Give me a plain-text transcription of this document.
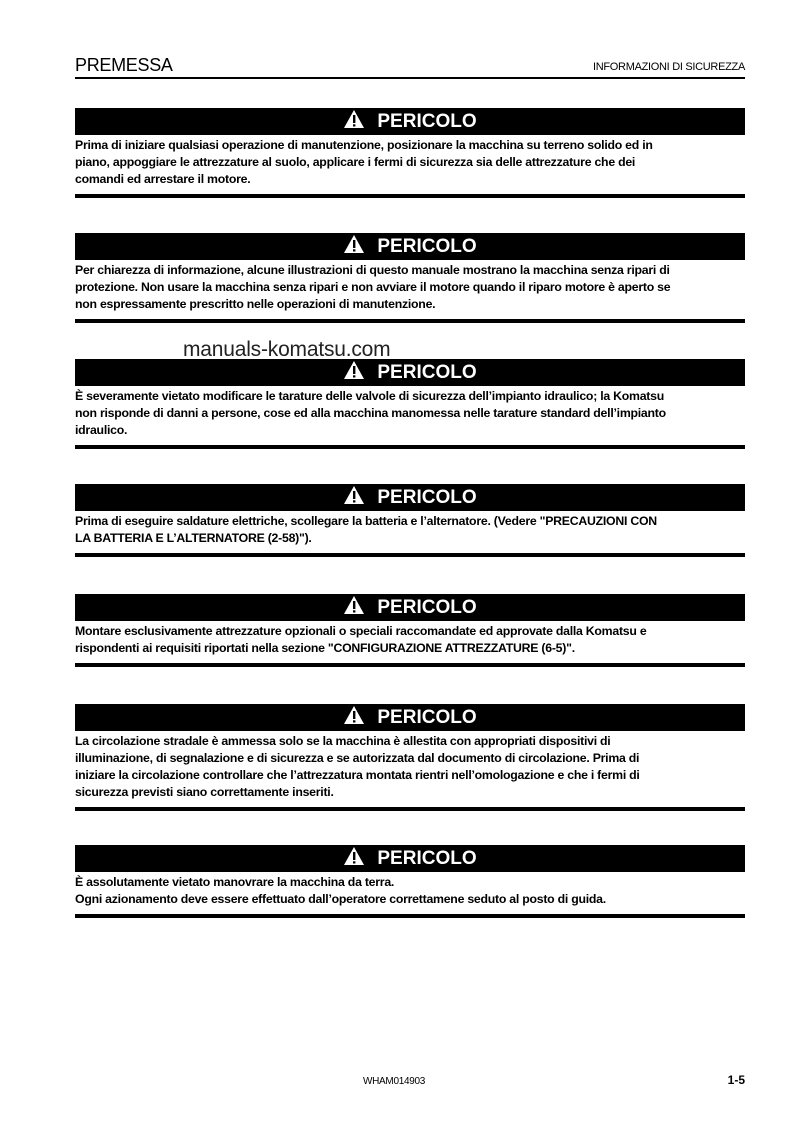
PREMESSA	INFORMAZIONI DI SICUREZZA
PERICOLO
Prima di iniziare qualsiasi operazione di manutenzione, posizionare la macchina su terreno solido ed in
piano, appoggiare le attrezzature al suolo, applicare i fermi di sicurezza sia delle attrezzature che dei
comandi ed arrestare il motore.
PERICOLO
Per chiarezza di informazione, alcune illustrazioni di questo manuale mostrano la macchina senza ripari di
protezione. Non usare la macchina senza ripari e non avviare il motore quando il riparo motore è aperto se
non espressamente prescritto nelle operazioni di manutenzione.
PERICOLO
È severamente vietato modificare le tarature delle valvole di sicurezza dell’impianto idraulico; la Komatsu
non risponde di danni a persone, cose ed alla macchina manomessa nelle tarature standard dell’impianto
idraulico.
PERICOLO
Prima di eseguire saldature elettriche, scollegare la batteria e l’alternatore. (Vedere "PRECAUZIONI CON
LA BATTERIA E L’ALTERNATORE (2-58)").
PERICOLO
Montare esclusivamente attrezzature opzionali o speciali raccomandate ed approvate dalla Komatsu e
rispondenti ai requisiti riportati nella sezione "CONFIGURAZIONE ATTREZZATURE (6-5)".
PERICOLO
La circolazione stradale è ammessa solo se la macchina è allestita con appropriati dispositivi di
illuminazione, di segnalazione e di sicurezza e se autorizzata dal documento di circolazione. Prima di
iniziare la circolazione controllare che l’attrezzatura montata rientri nell’omologazione e che i fermi di
sicurezza previsti siano correttamente inseriti.
PERICOLO
È assolutamente vietato manovrare la macchina da terra.
Ogni azionamento deve essere effettuato dall’operatore correttamene seduto al posto di guida.
manuals-komatsu.com
WHAM014903	1-5
